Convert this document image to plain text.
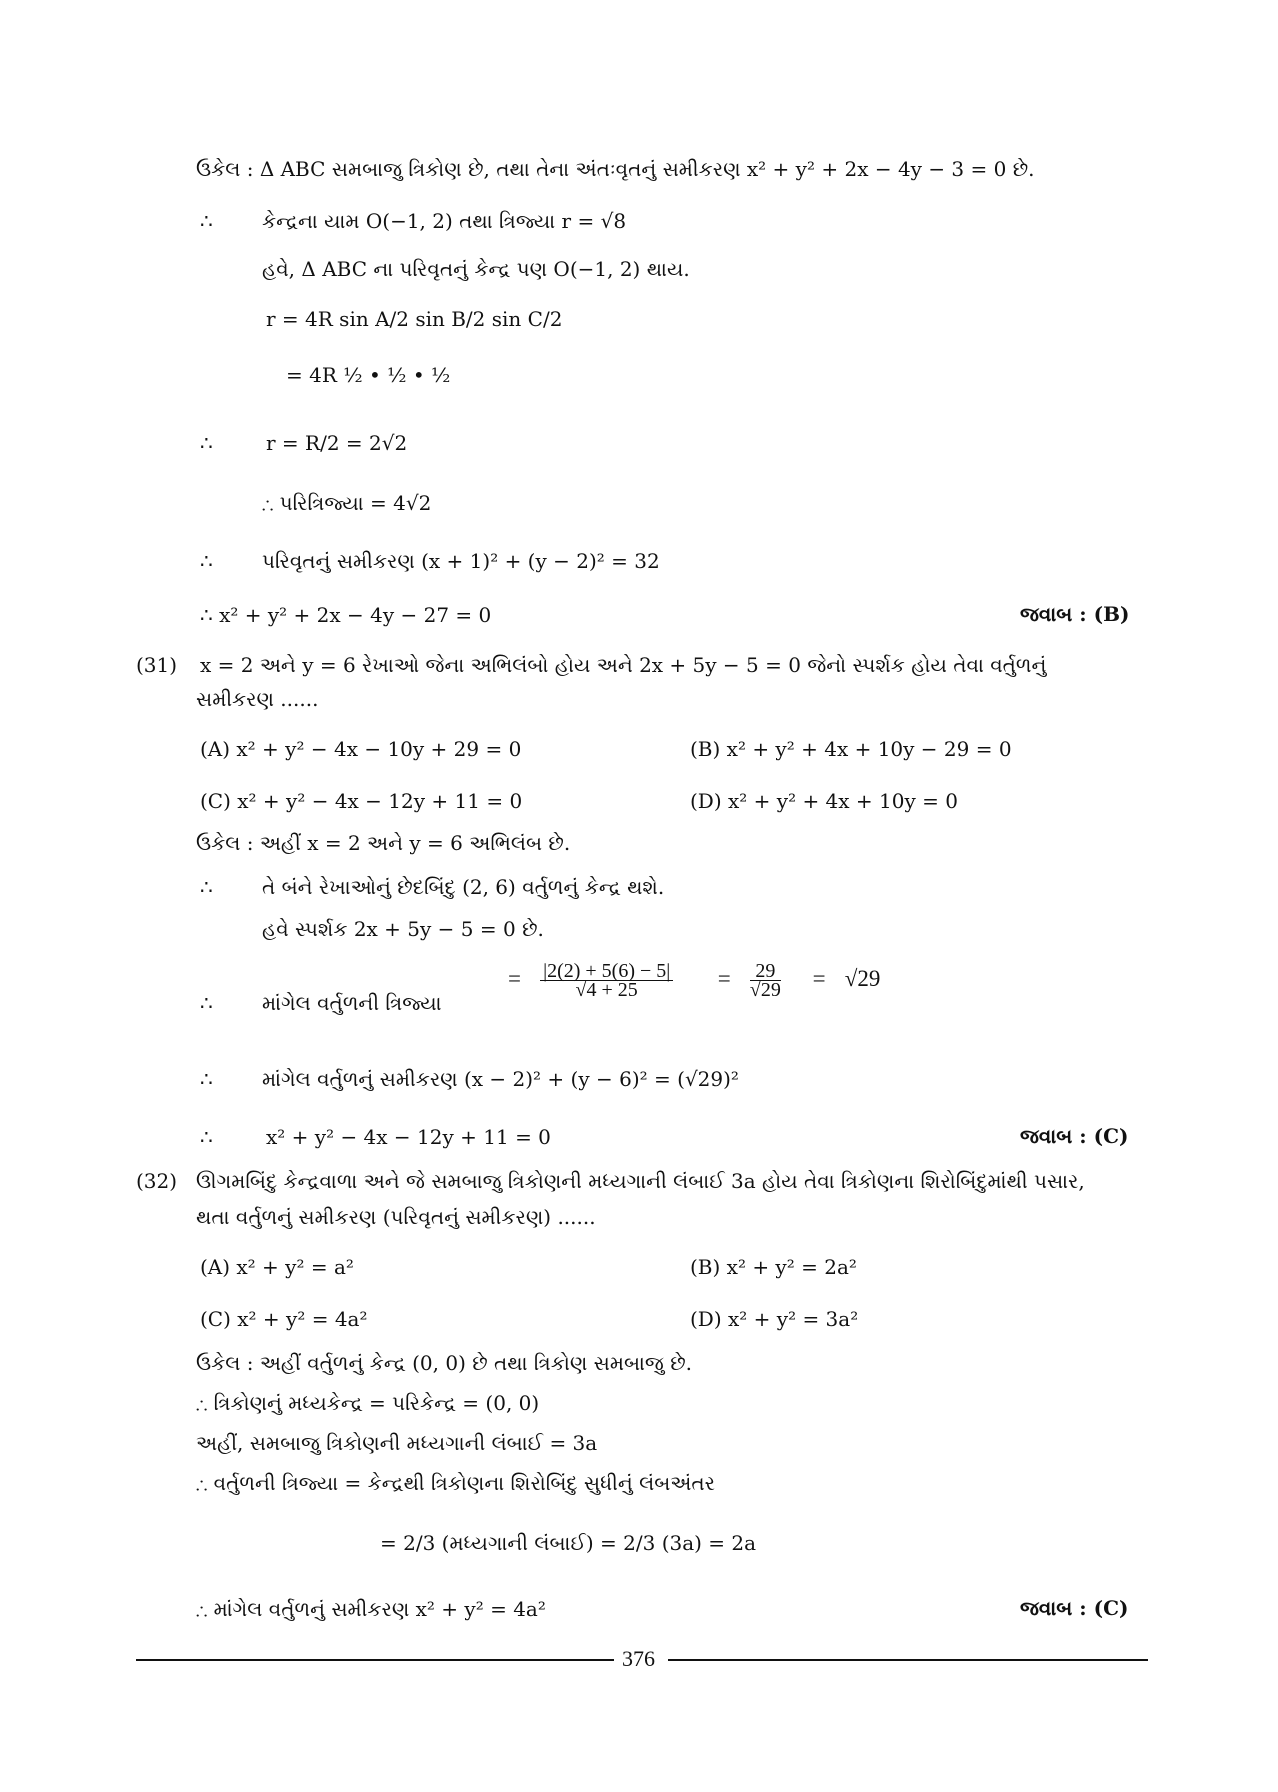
ઉકેલ : Δ ABC સમબાજુ ત્રિકોણ છે, તથા તેના અંતઃવૃતનું સમીકરણ x² + y² + 2x − 4y − 3 = 0 છે.
∴ કેન્દ્રના યામ O(−1, 2) તથા ત્રિજ્યા r = √8
હવે, Δ ABC ના પરિવૃતનું કેન્દ્ર પણ O(−1, 2) થાય.
r = 4R sin A/2 sin B/2 sin C/2
= 4R ½ • ½ • ½
∴	r = R/2 = 2√2
∴ પરિત્રિજ્યા = 4√2
∴ પરિવૃતનું સમીકરણ (x + 1)² + (y − 2)² = 32
∴ x² + y² + 2x − 4y − 27 = 0	જવાબ : (B)
(31) x = 2 અને y = 6 રેખાઓ જેના અભિલંબો હોય અને 2x + 5y − 5 = 0 જેનો સ્પર્શક હોય તેવા વર્તુળનું
સમીકરણ ......
(A) x² + y² − 4x − 10y + 29 = 0	(B) x² + y² + 4x + 10y − 29 = 0
(C) x² + y² − 4x − 12y + 11 = 0	(D) x² + y² + 4x + 10y = 0
ઉકેલ : અહીં x = 2 અને y = 6 અભિલંબ છે.
∴ તે બંને રેખાઓનું છેદબિંદુ (2, 6) વર્તુળનું કેન્દ્ર થશે.
હવે સ્પર્શક 2x + 5y − 5 = 0 છે.
∴ માંગેલ વર્તુળની ત્રિજ્યા
= $\frac{|2(2) + 5(6) - 5|}{√4 + 25} = \frac{29}{√29} = √29$
∴ માંગેલ વર્તુળનું સમીકરણ (x − 2)² + (y − 6)² = (√29)²
∴	x² + y² − 4x − 12y + 11 = 0	જવાબ : (C)
(32) ઊગમબિંદુ કેન્દ્રવાળા અને જે સમબાજુ ત્રિકોણની મધ્યગાની લંબાઈ 3a હોય તેવા ત્રિકોણના શિરોબિંદુમાંથી પસાર,
થતા વર્તુળનું સમીકરણ (પરિવૃતનું સમીકરણ) ......
(A) x² + y² = a²	(B) x² + y² = 2a²
(C) x² + y² = 4a²	(D) x² + y² = 3a²
ઉકેલ : અહીં વર્તુળનું કેન્દ્ર (0, 0) છે તથા ત્રિકોણ સમબાજુ છે.
∴ ત્રિકોણનું મધ્યકેન્દ્ર = પરિકેન્દ્ર = (0, 0)
અહીં, સમબાજુ ત્રિકોણની મધ્યગાની લંબાઈ = 3a
∴ વર્તુળની ત્રિજ્યા = કેન્દ્રથી ત્રિકોણના શિરોબિંદુ સુધીનું લંબઅંતર
= 2/3 (મધ્યગાની લંબાઈ) = 2/3 (3a) = 2a
∴ માંગેલ વર્તુળનું સમીકરણ x² + y² = 4a²	જવાબ : (C)
376
